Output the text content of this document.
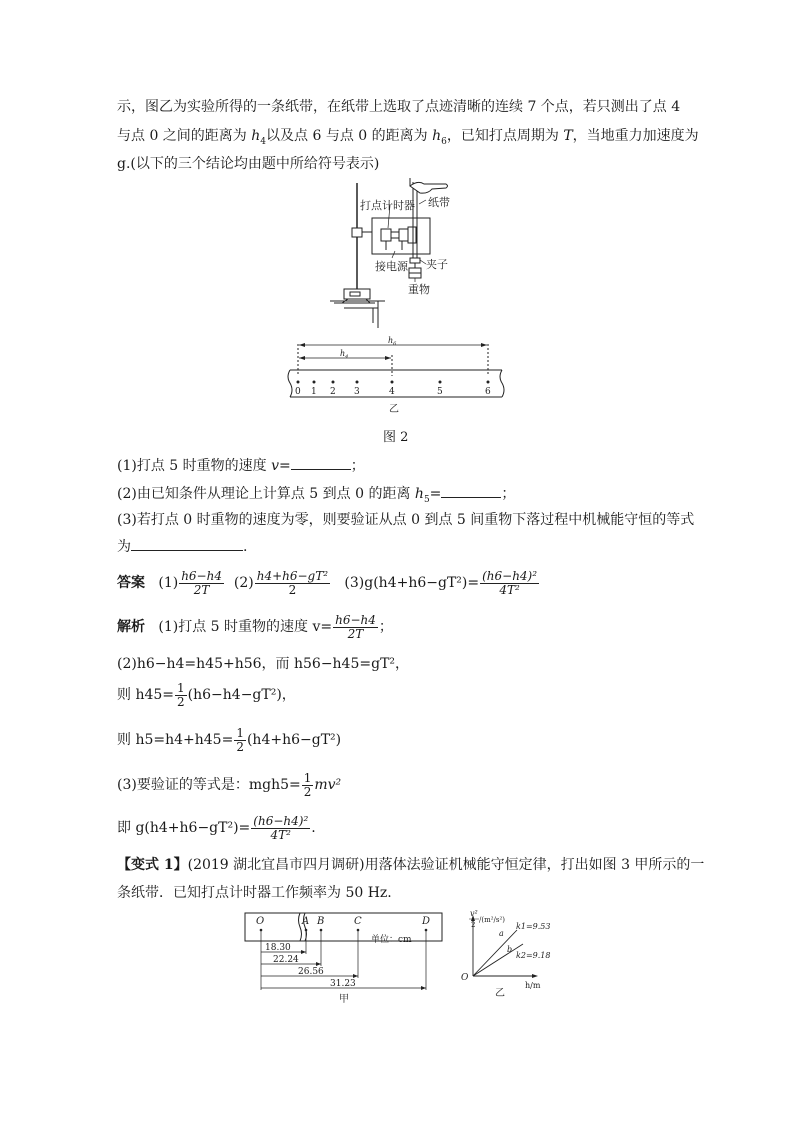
示，图乙为实验所得的一条纸带，在纸带上选取了点迹清晰的连续 7 个点，若只测出了点 4
与点 0 之间的距离为 $h_4$以及点 6 与点 0 的距离为 $h_6$，已知打点周期为 T，当地重力加速度为
g.(以下的三个结论均由题中所给符号表示)
打点计时器 纸带
接电源 夹子
重物
$h_6$
$h_4$
0 1 2 3	4	5	6
乙
图 2
(1)打点 5 时重物的速度 v=	；
(2)由已知条件从理论上计算点 5 到点 0 的距离 $h_5=$	；
(3)若打点 0 时重物的速度为零，则要验证从点 0 到点 5 间重物下落过程中机械能守恒的等式
为	.
答案   $(1) \frac{h6-h4}{2T} (2) \frac{\text{h4+h6−gT²}}{2} (3)g(h4+h6-gT^2)= \frac{\text{(h6−h4)²}}{\text{4T²}}$
解析 (1)打点 5 时重物的速度 $v= \frac{h6-h4}{2T}$ ；
(2)h6−h4=h45+h56，而 h56−h45=gT²，
则 $h45= \frac{1}{2} (h6-h4-gT^2)$，
则 $h5=h4+h45= \frac{1}{2} (h4+h6-gT^2)$
(3)要验证的等式是：$mgh5= \frac{1}{2} mv^2$
即 $g(h4+h6-gT^2)= \frac{\text{(h6−h4)²}}{\text{4T²}}$ .
【变式 1】(2019 湖北宜昌市四月调研)用落体法验证机械能守恒定律，打出如图 3 甲所示的一
条纸带．已知打点计时器工作频率为 50 Hz.
O	A B	C	D
单位：cm
18.30
22.24
26.56
31.23
甲
v²
2
/(m²/s²)
O
h/m
a
b
k1=9.53
k2=9.18
乙
